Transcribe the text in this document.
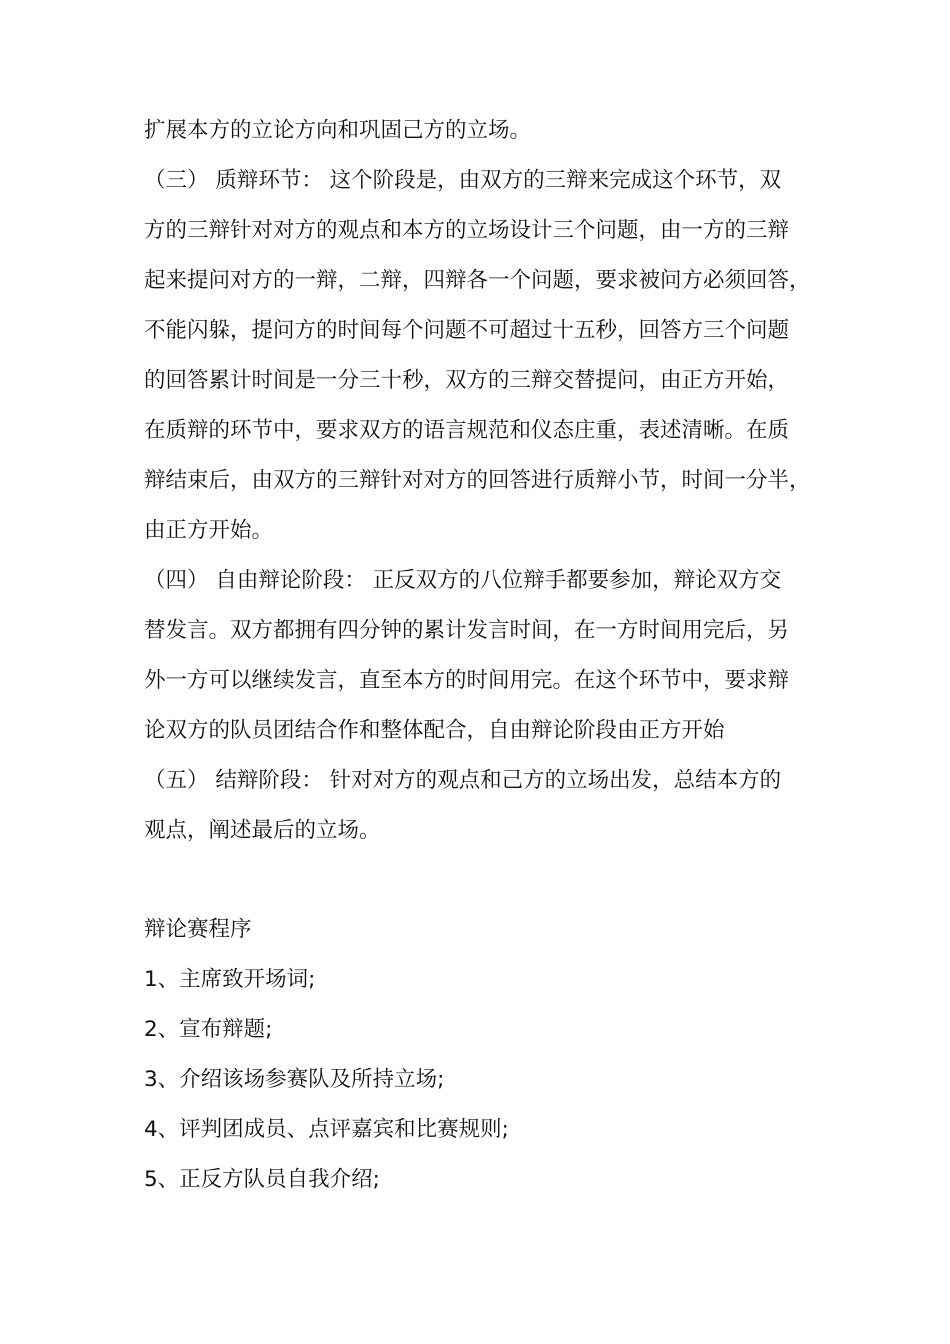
扩展本方的立论方向和巩固己方的立场。
（三） 质辩环节： 这个阶段是，由双方的三辩来完成这个环节，双
方的三辩针对对方的观点和本方的立场设计三个问题，由一方的三辩
起来提问对方的一辩，二辩，四辩各一个问题，要求被问方必须回答，
不能闪躲，提问方的时间每个问题不可超过十五秒，回答方三个问题
的回答累计时间是一分三十秒，双方的三辩交替提问，由正方开始，
在质辩的环节中，要求双方的语言规范和仪态庄重，表述清晰。在质
辩结束后，由双方的三辩针对对方的回答进行质辩小节，时间一分半，
由正方开始。
（四） 自由辩论阶段： 正反双方的八位辩手都要参加，辩论双方交
替发言。双方都拥有四分钟的累计发言时间，在一方时间用完后，另
外一方可以继续发言，直至本方的时间用完。在这个环节中，要求辩
论双方的队员团结合作和整体配合，自由辩论阶段由正方开始
（五） 结辩阶段： 针对对方的观点和己方的立场出发，总结本方的
观点，阐述最后的立场。
辩论赛程序
1、主席致开场词;
2、宣布辩题;
3、介绍该场参赛队及所持立场;
4、评判团成员、点评嘉宾和比赛规则;
5、正反方队员自我介绍;
